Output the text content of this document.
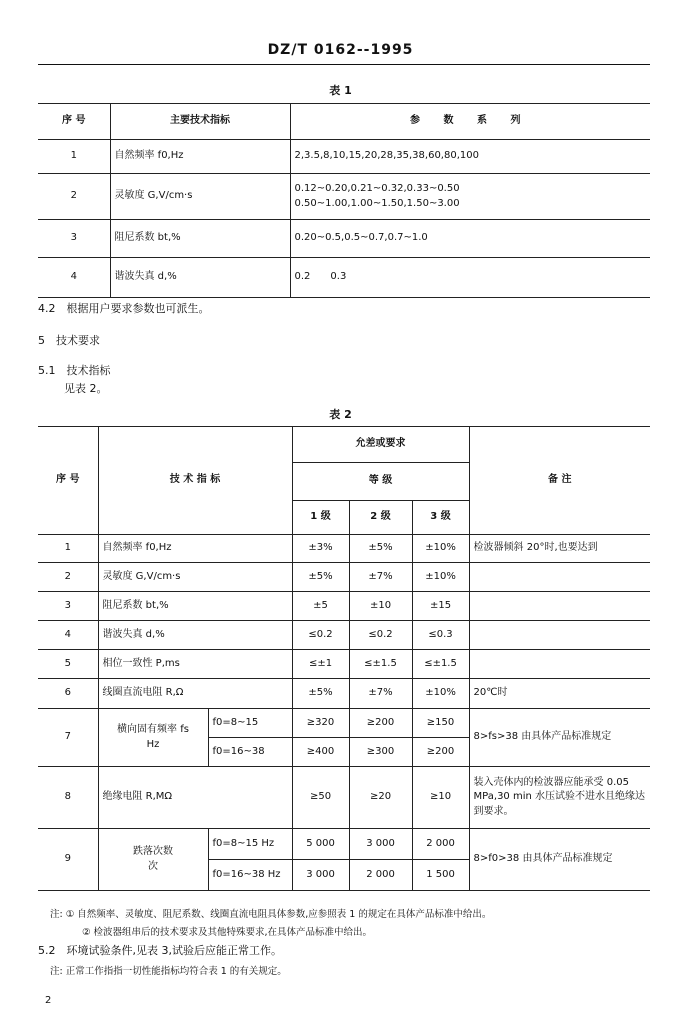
DZ/T 0162--1995
表 1
序 号	主要技术指标	参 数 系 列
1	自然频率 f0,Hz	2,3.5,8,10,15,20,28,35,38,60,80,100
2	灵敏度 G,V/cm·s	0.12~0.20,0.21~0.32,0.33~0.50
0.50~1.00,1.00~1.50,1.50~3.00

3	阻尼系数 bt,%	0.20~0.5,0.5~0.7,0.7~1.0
4	谐波失真 d,%	0.2　　0.3
4.2　根据用户要求参数也可派生。
5　技术要求
5.1　技术指标
见表 2。
表 2
序 号	技 术 指 标		允差或要求			备 注
			等 级			
			1 级	2 级	3 级	
1	自然频率 f0,Hz		±3%	±5%	±10%	检波器倾斜 20°时,也要达到
2	灵敏度 G,V/cm·s		±5%	±7%	±10%	
3	阻尼系数 bt,%		±5	±10	±15	
4	谐波失真 d,%		≤0.2	≤0.2	≤0.3	
5	相位一致性 P,ms		≤±1	≤±1.5	≤±1.5	
6	线圈直流电阻 R,Ω		±5%	±7%	±10%	20℃时
7	横向固有频率 fs
Hz	f0=8~15	≥320	≥200	≥150	8>fs>38 由具体产品标准规定
		f0=16~38	≥400	≥300	≥200	
8	绝缘电阻 R,MΩ		≥50	≥20	≥10	装入壳体内的检波器应能承受 0.05 MPa,30 min 水压试验不进水且绝缘达到要求。
9	跌落次数
次	f0=8~15 Hz	5 000	3 000	2 000	8>f0>38 由具体产品标准规定
		f0=16~38 Hz	3 000	2 000	1 500	
注: ① 自然频率、灵敏度、阻尼系数、线圈直流电阻具体参数,应参照表 1 的规定在具体产品标准中给出。
② 检波器组串后的技术要求及其他特殊要求,在具体产品标准中给出。
5.2　环境试验条件,见表 3,试验后应能正常工作。
注: 正常工作指指一切性能指标均符合表 1 的有关规定。
2
